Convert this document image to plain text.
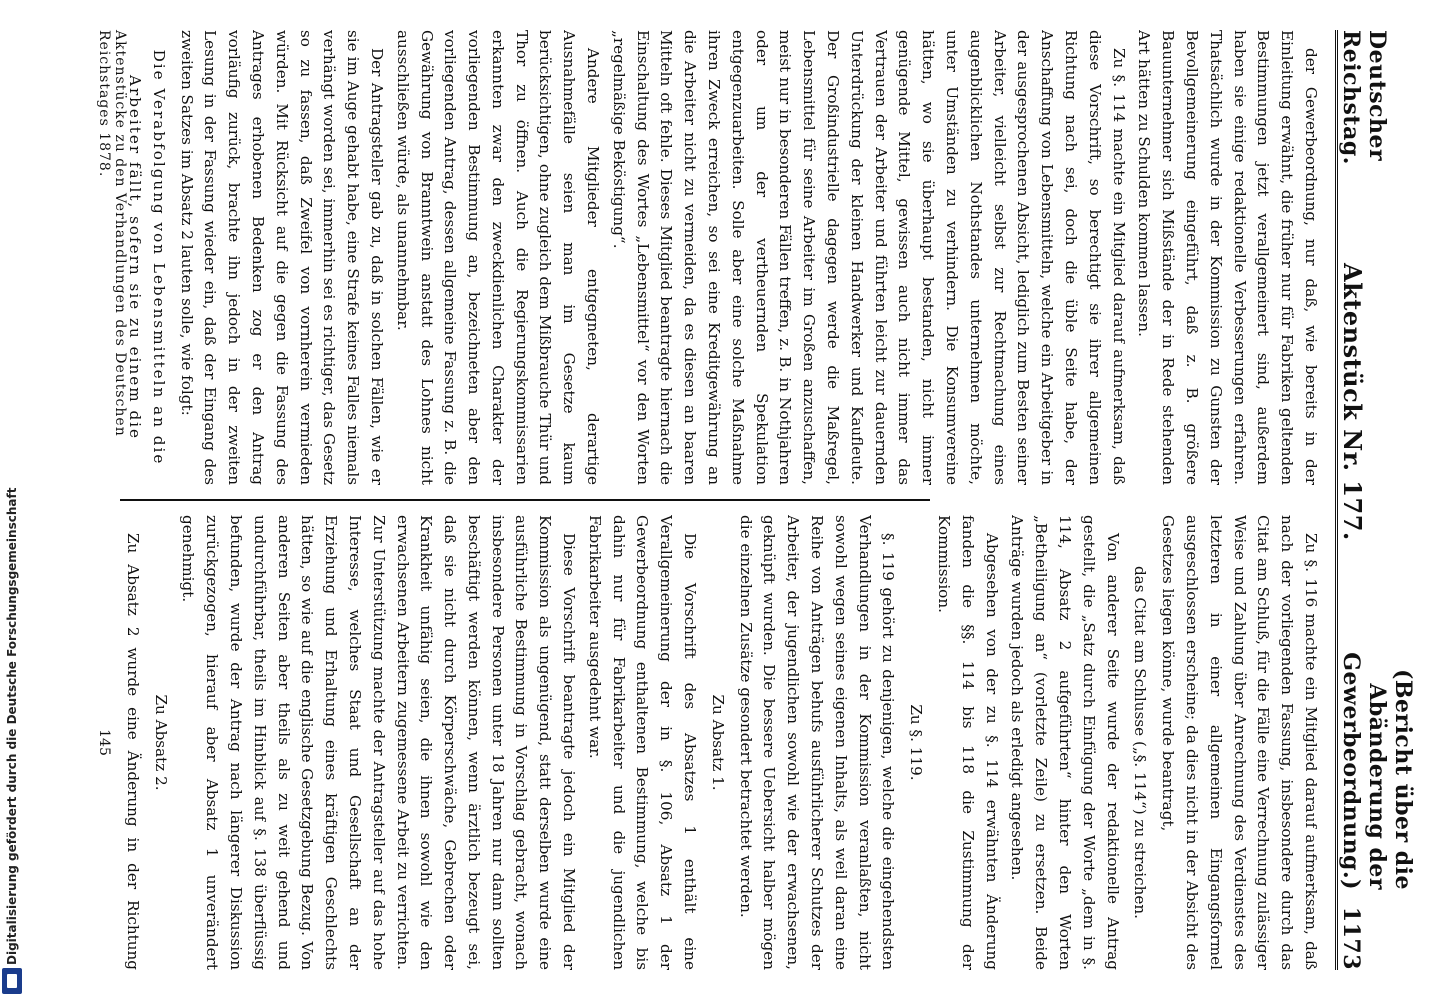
Deutscher Reichstag.
Aktenstück Nr. 177.
(Bericht über die Abänderung der Gewerbeordnung.)
1173

der Gewerbeordnung, nur daß, wie bereits in der Einleitung erwähnt, die früher nur für Fabriken geltenden Bestimmungen jetzt verallgemeinert sind, außerdem haben sie einige redaktionelle Verbesserungen erfahren. Thatsächlich wurde in der Kommission zu Gunsten der Bevollgemeinerung eingeführt, daß z. B. größere Bauunternehmer sich Mißstände der in Rede stehenden Art hätten zu Schulden kommen lassen.

Zu §. 114 machte ein Mitglied darauf aufmerksam, daß diese Vorschrift, so berechtigt sie ihrer allgemeinen Richtung nach sei, doch die üble Seite habe, der Anschaffung von Lebensmitteln, welche ein Arbeitgeber in der ausgesprochenen Absicht, lediglich zum Besten seiner Arbeiter, vielleicht selbst zur Rechtmachung eines augenblicklichen Nothstandes unternehmen möchte, unter Umständen zu verhindern. Die Konsumvereine hätten, wo sie überhaupt bestanden, nicht immer genügende Mittel, gewissen auch nicht immer das Vertrauen der Arbeiter und führten leicht zur dauernden Unterdrückung der kleinen Handwerker und Kaufleute. Der Großindustrielle dagegen werde die Maßregel, Lebensmittel für seine Arbeiter im Großen anzuschaffen, meist nur in besonderen Fällen treffen, z. B. in Nothjahren oder um der vertheuernden Spekulation entgegenzuarbeiten. Solle aber eine solche Maßnahme ihren Zweck erreichen, so sei eine Kreditgewährung an die Arbeiter nicht zu vermeiden, da es diesen an baaren Mitteln oft fehle. Dieses Mitglied beantragte hiernach die Einschaltung des Wortes „Lebensmittel“ vor den Worten „regelmäßige Beköstigung“.

Andere Mitglieder entgegneten, derartige Ausnahmefälle seien man im Gesetze kaum berücksichtigen, ohne zugleich dem Mißbrauche Thür und Thor zu öffnen. Auch die Regierungskommissarien erkannten zwar den zweckdienlichen Charakter der vorliegenden Bestimmung an, bezeichneten aber den vorliegenden Antrag, dessen allgemeine Fassung z. B. die Gewährung von Branntwein anstatt des Lohnes nicht ausschließen würde, als unannehmbar.

Der Antragsteller gab zu, daß in solchen Fällen, wie er sie im Auge gehabt habe, eine Strafe keines Falles niemals verhängt worden sei, immerhin sei es richtiger, das Gesetz so zu fassen, daß Zweifel von vornherein vermieden würden. Mit Rücksicht auf die gegen die Fassung des Antrages erhobenen Bedenken zog er den Antrag vorläufig zurück, brachte ihn jedoch in der zweiten Lesung in der Fassung wieder ein, daß der Eingang des zweiten Satzes im Absatz 2 lauten solle, wie folgt:

Die Verabfolgung von Lebensmitteln an die Arbeiter fällt, sofern sie zu einem die

Zu §. 116 machte ein Mitglied darauf aufmerksam, daß nach der vorliegenden Fassung, insbesondere durch das Citat am Schluß, für die Fälle eine Verrechnung zulässiger Weise und Zahlung über Anrechnung des Verdienstes des letzteren in einer allgemeinen Eingangsformel ausgeschlossen erscheine; da dies nicht in der Absicht des Gesetzes liegen könne, wurde beantragt,

das Citat am Schlusse („§. 114“) zu streichen.

Von anderer Seite wurde der redaktionelle Antrag gestellt, die „Satz durch Einfügung der Worte „dem in §. 114, Absatz 2 aufgeführten“ hinter den Worten „Betheiligung an“ (vorletzte Zeile) zu ersetzen. Beide Anträge wurden jedoch als erledigt angesehen.

Abgesehen von der zu §. 114 erwähnten Änderung fanden die §§. 114 bis 118 die Zustimmung der Kommission.

Zu §. 119.

§. 119 gehört zu denjenigen, welche die eingehendsten Verhandlungen in der Kommission veranlaßten, nicht sowohl wegen seines eigenen Inhalts, als weil daran eine Reihe von Anträgen behufs ausführlicherer Schutzes der Arbeiter, der jugendlichen sowohl wie der erwachsenen, geknüpft wurden. Die bessere Uebersicht halber mögen die einzelnen Zusätze gesondert betrachtet werden.

Zu Absatz 1.

Die Vorschrift des Absatzes 1 enthält eine Verallgemeinerung der in §. 106, Absatz 1 der Gewerbeordnung enthaltenen Bestimmung, welche bis dahin nur für Fabrikarbeiter und die jugendlichen Fabrikarbeiter ausgedehnt war.

Diese Vorschrift beantragte jedoch ein Mitglied der Kommission als ungenügend, statt derselben wurde eine ausführliche Bestimmung in Vorschlag gebracht, wonach insbesondere Personen unter 18 Jahren nur dann sollten beschäftigt werden können, wenn ärztlich bezeugt sei, daß sie nicht durch Körperschwäche, Gebrechen oder Krankheit unfähig seien, die ihnen sowohl wie den erwachsenen Arbeitern zugemessene Arbeit zu verrichten. Zur Unterstützung machte der Antragsteller auf das hohe Interesse, welches Staat und Gesellschaft an der Erziehung und Erhaltung eines kräftigen Geschlechts hätten, so wie auf die englische Gesetzgebung Bezug. Von anderen Seiten aber theils als zu weit gehend und undurchführbar, theils im Hinblick auf §. 138 überflüssig befunden, wurde der Antrag nach längerer Diskussion zurückgezogen, hierauf aber Absatz 1 unverändert genehmigt.

Zu Absatz 2.

Zu Absatz 2 wurde eine Änderung in der Richtung

Aktenstücke zu den Verhandlungen des Deutschen Reichstages 1878.
145
Digitalisierung gefördert durch die Deutsche Forschungsgemeinschaft
